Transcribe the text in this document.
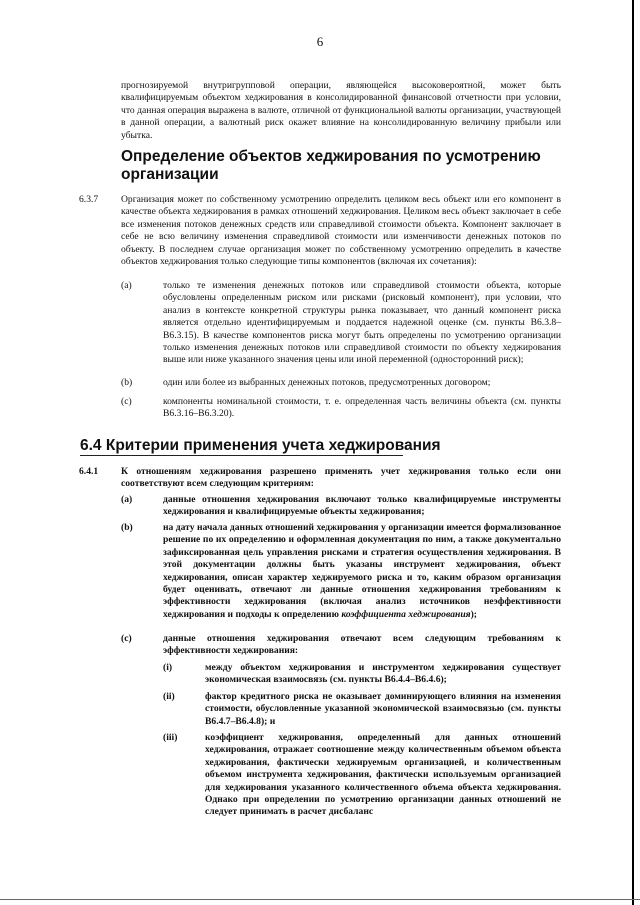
6
прогнозируемой внутригрупповой операции, являющейся высоковероятной, может быть квалифицируемым объектом хеджирования в консолидированной финансовой отчетности при условии, что данная операция выражена в валюте, отличной от функциональной валюты организации, участвующей в данной операции, а валютный риск окажет влияние на консолидированную величину прибыли или убытка.
Определение объектов хеджирования по усмотрению
организации
6.3.7 Организация может по собственному усмотрению определить целиком весь объект или его компонент в качестве объекта хеджирования в рамках отношений хеджирования. Целиком весь объект заключает в себе все изменения потоков денежных средств или справедливой стоимости объекта. Компонент заключает в себе не всю величину изменения справедливой стоимости или изменчивости денежных потоков по объекту. В последнем случае организация может по собственному усмотрению определить в качестве объектов хеджирования только следующие типы компонентов (включая их сочетания):
(a)	только те изменения денежных потоков или справедливой стоимости объекта, которые обусловлены определенным риском или рисками (рисковый компонент), при условии, что анализ в контексте конкретной структуры рынка показывает, что данный компонент риска является отдельно идентифицируемым и поддается надежной оценке (см. пункты B6.3.8–B6.3.15). В качестве компонентов риска могут быть определены по усмотрению организации только изменения денежных потоков или справедливой стоимости по объекту хеджирования выше или ниже указанного значения цены или иной переменной (односторонний риск);
(b)	один или более из выбранных денежных потоков, предусмотренных договором;
(c)	компоненты номинальной стоимости, т. е. определенная часть величины объекта (см. пункты B6.3.16–B6.3.20).
6.4 Критерии применения учета хеджирования
6.4.1 К отношениям хеджирования разрешено применять учет хеджирования только если они соответствуют всем следующим критериям:
(a)	данные отношения хеджирования включают только квалифицируемые инструменты хеджирования и квалифицируемые объекты хеджирования;
(b)	на дату начала данных отношений хеджирования у организации имеется формализованное решение по их определению и оформленная документация по ним, а также документально зафиксированная цель управления рисками и стратегия осуществления хеджирования. В этой документации должны быть указаны инструмент хеджирования, объект хеджирования, описан характер хеджируемого риска и то, каким образом организация будет оценивать, отвечают ли данные отношения хеджирования требованиям к эффективности хеджирования (включая анализ источников неэффективности хеджирования и подходы к определению коэффициента хеджирования);
(c)	данные отношения хеджирования отвечают всем следующим требованиям к эффективности хеджирования:
(i)	между объектом хеджирования и инструментом хеджирования существует экономическая взаимосвязь (см. пункты B6.4.4–B6.4.6);
(ii)	фактор кредитного риска не оказывает доминирующего влияния на изменения стоимости, обусловленные указанной экономической взаимосвязью (см. пункты B6.4.7–B6.4.8); и
(iii)	коэффициент хеджирования, определенный для данных отношений хеджирования, отражает соотношение между количественным объемом объекта хеджирования, фактически хеджируемым организацией, и количественным объемом инструмента хеджирования, фактически используемым организацией для хеджирования указанного количественного объема объекта хеджирования. Однако при определении по усмотрению организации данных отношений не следует принимать в расчет дисбаланс
